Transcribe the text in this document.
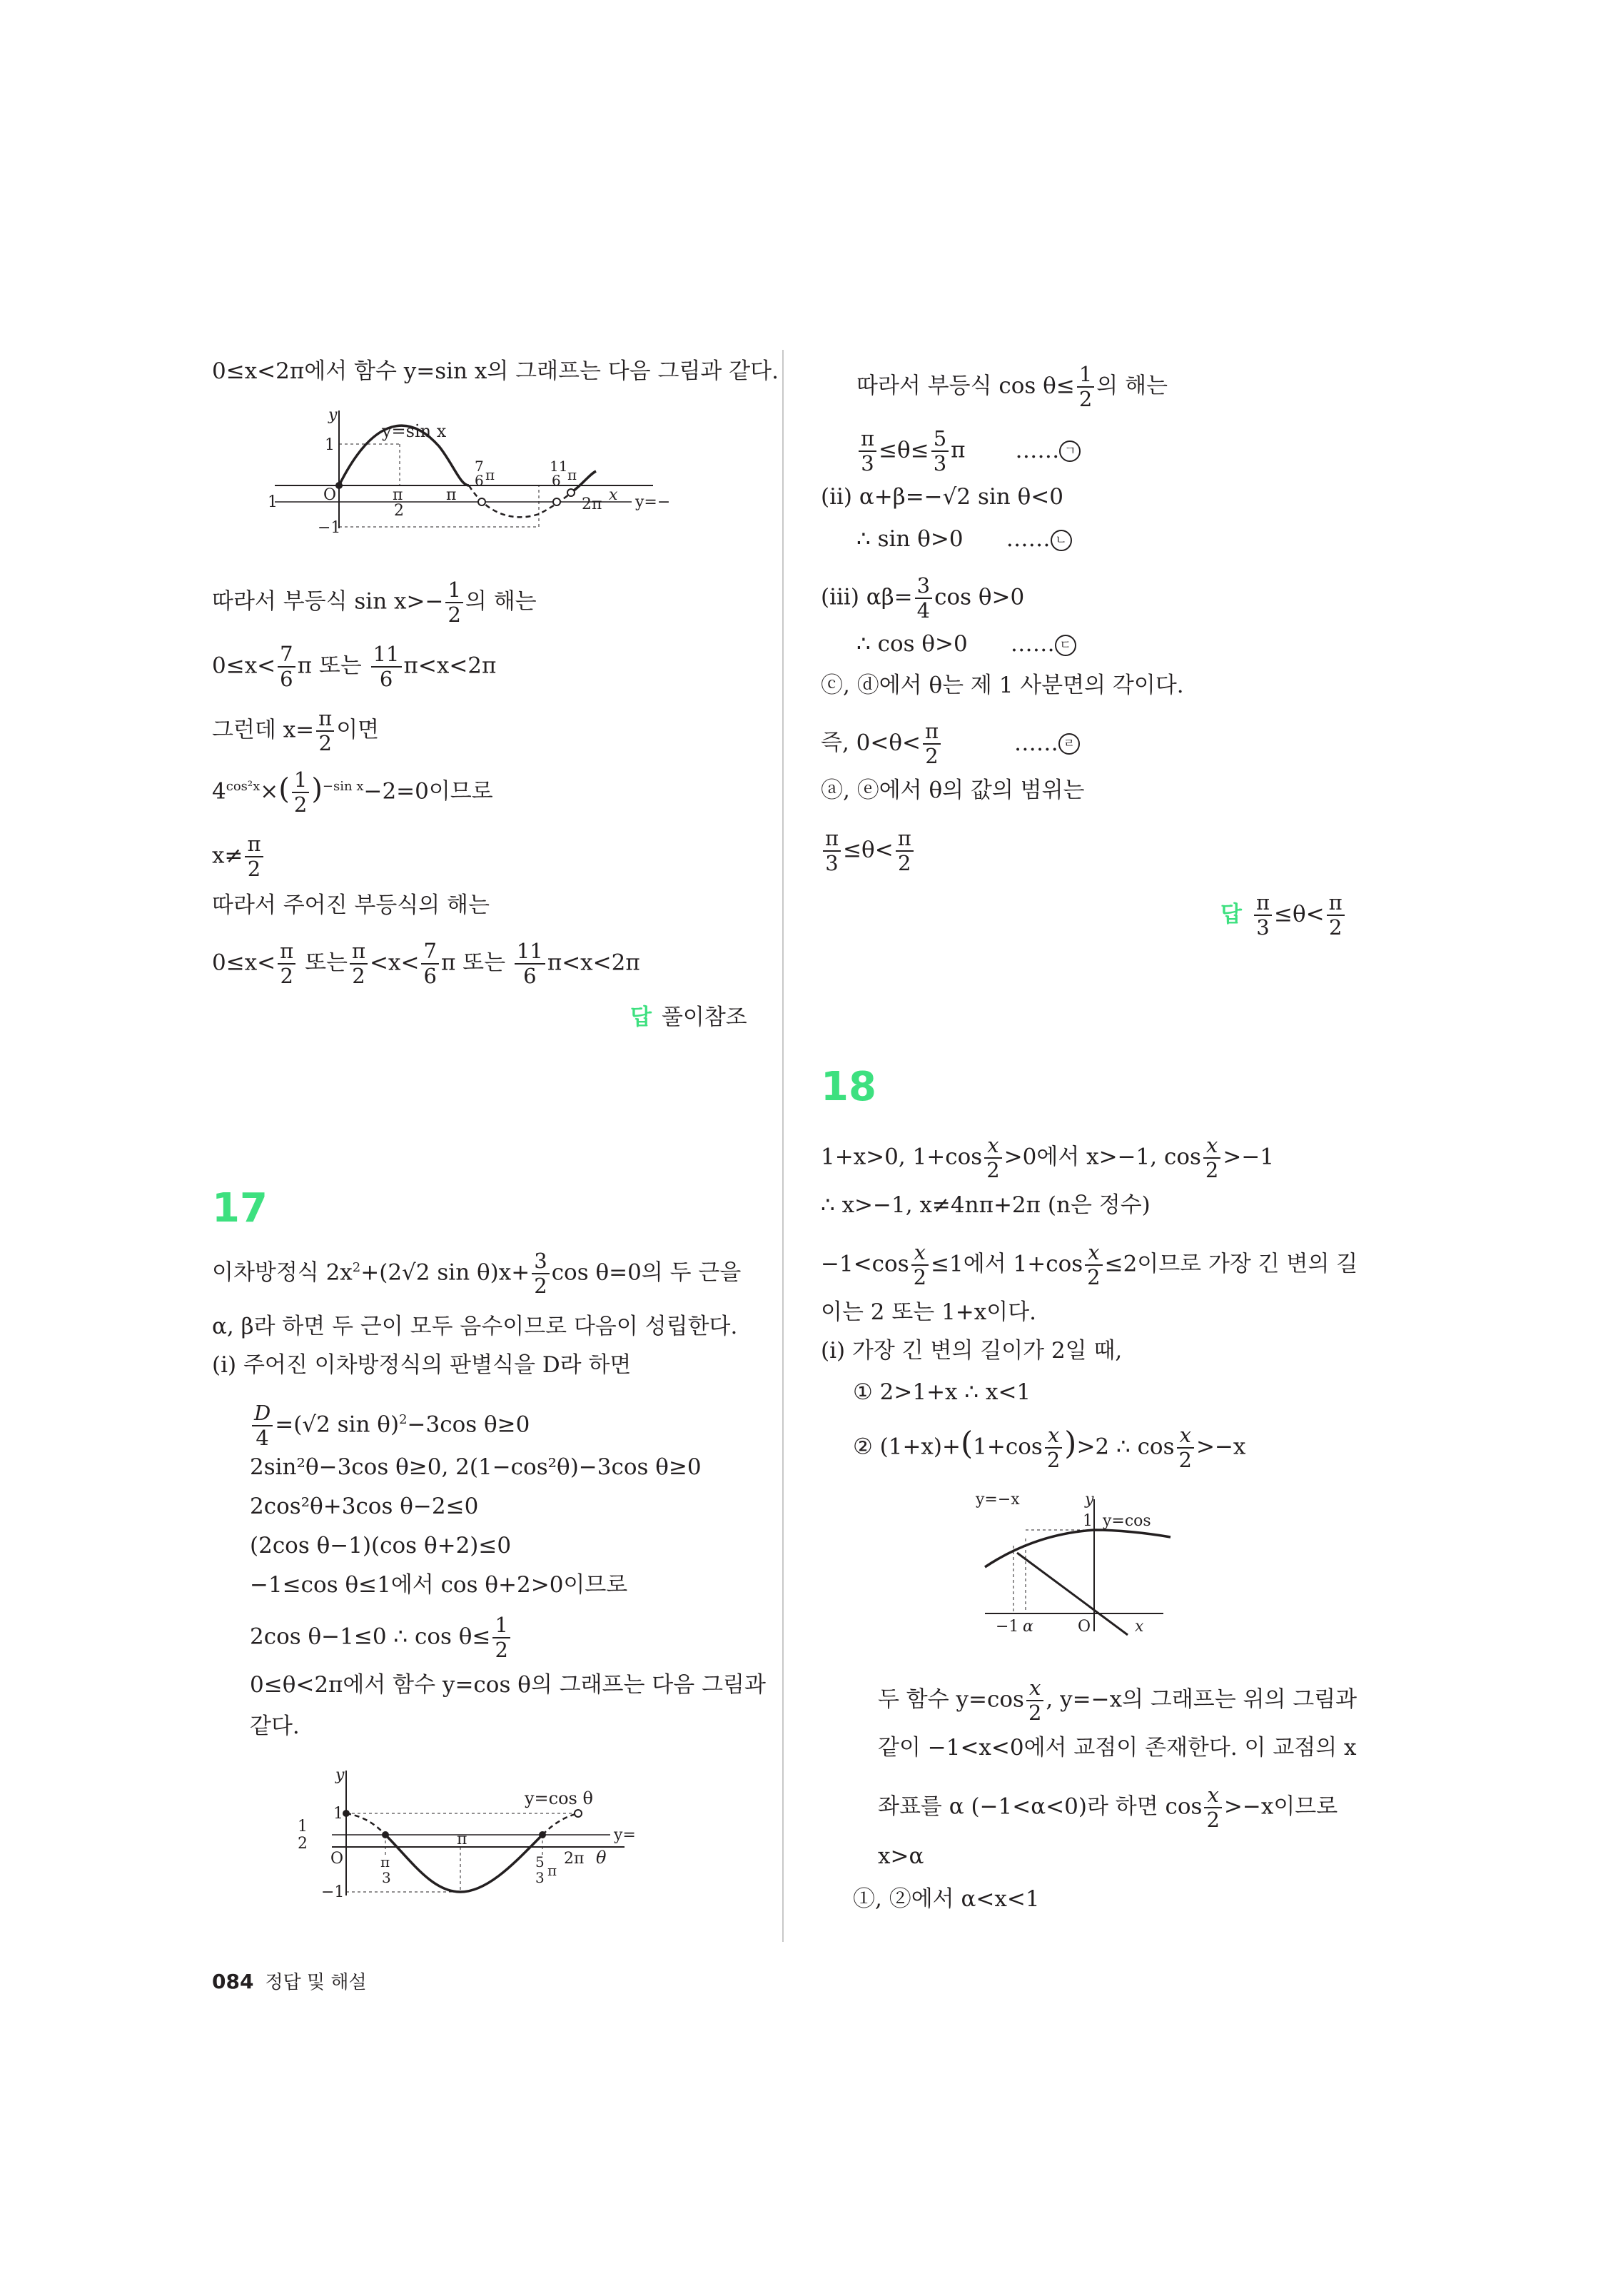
0≤x<2π에서 함수 y=sin x의 그래프는 다음 그림과 같다.
y
1
−1
O
y=sin x
x
2π
π
π
2
7
6 π	11
6 π
1	y=−
따라서 부등식 $\sin x>- \frac{1}{2}$ 의 해는
$0\le x< \frac{7}{6}$ π 또는 $\frac{11}{6} \pi<x<2\pi$
그런데 $x= \frac{\pi}{2}$ 이면
$4^{cos^2x}\times( \frac{1}{2} )^{-sin x}-2=0$이므로
$x\ne \frac{\pi}{2}$
따라서 주어진 부등식의 해는
$0\le x< \frac{\pi}{2}$ 또는 $\frac{\pi}{2} <x< \frac{7}{6}$ π 또는 $\frac{11}{6} \pi<x<2\pi$
답 풀이참조
17
이차방정식 $2x^2+(2√2$ $\sin \theta)x+ \frac{3}{2}$ cos θ=0의 두 근을
α, β라 하면 두 근이 모두 음수이므로 다음이 성립한다.
(i) 주어진 이차방정식의 판별식을 D라 하면
$\frac{D}{4} =(√2$ sin θ)$^2$−3cos θ≥0
2sin²θ−3cos θ≥0, 2(1−cos²θ)−3cos θ≥0
2cos²θ+3cos θ−2≤0
(2cos θ−1)(cos θ+2)≤0
−1≤cos θ≤1에서 cos θ+2>0이므로
2cos θ−1≤0 ∴ $\cos \theta\le \frac{1}{2}$
0≤θ<2π에서 함수 y=cos θ의 그래프는 다음 그림과
같다.
y
1
−1
O
y=cos θ
θ
2π
π
π
3
5
3 π
1
2	y=
따라서 부등식 $\cos \theta\le \frac{1}{2}$ 의 해는
$\frac{\pi}{3} \le\theta\le \frac{5}{3}$ π …… ㄱ
(ii) α+β=−√2 sin θ<0
∴ sin θ>0 …… ㄴ
(iii) $\alpha\beta= \frac{3}{4}$ cos θ>0
∴ cos θ>0 …… ㄷ
ⓒ, ⓓ에서 θ는 제 1 사분면의 각이다.
즉, $0<\theta< \frac{\pi}{2}$	…… ㄹ
ⓐ, ⓔ에서 θ의 값의 범위는
$\frac{\pi}{3} \le\theta< \frac{\pi}{2}$
답 $\frac{\pi}{3} \le\theta< \frac{\pi}{2}$
18
1+x>0, $1+\cos \frac{x}{2} >0$에서 x>−1, $\cos \frac{x}{2} >-1$
∴ x>−1, x≠4nπ+2π (n은 정수)
$-1<\cos \frac{x}{2} \le 1$에서 $1+\cos \frac{x}{2} \le 2$이므로 가장 긴 변의 길
이는 2 또는 1+x이다.
(i) 가장 긴 변의 길이가 2일 때,
① 2>1+x ∴ x<1
② $(1+x)+(1+\cos \frac{x}{2} )>2$ ∴ $\cos \frac{x}{2} >-x$
y=−x	y
1 y=cos
−1 α	O	x
두 함수 $y=\cos \frac{x}{2}$ , y=−x의 그래프는 위의 그림과
같이 −1<x<0에서 교점이 존재한다. 이 교점의 x
좌표를 α (−1<α<0)라 하면 $\cos \frac{x}{2} >-x$이므로
x>α
①, ②에서 α<x<1
084 정답 및 해설
